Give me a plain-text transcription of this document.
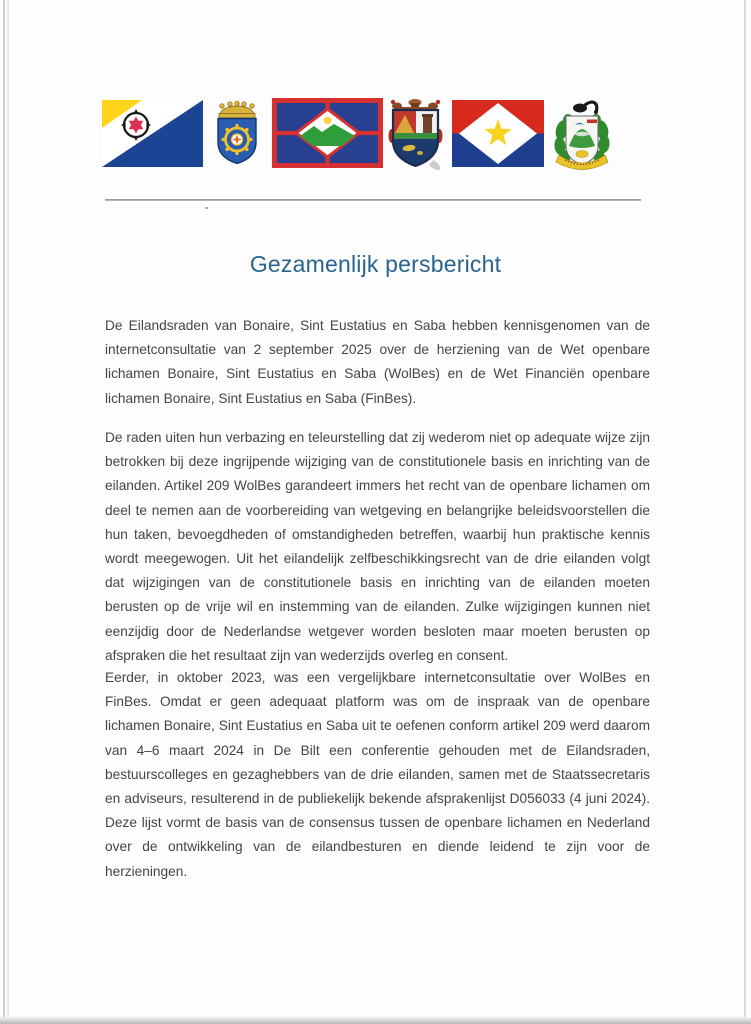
Gezamenlijk persbericht

De Eilandsraden van Bonaire, Sint Eustatius en Saba hebben kennisgenomen van de internetconsultatie van 2 september 2025 over de herziening van de Wet openbare lichamen Bonaire, Sint Eustatius en Saba (WolBes) en de Wet Financiën openbare lichamen Bonaire, Sint Eustatius en Saba (FinBes).

De raden uiten hun verbazing en teleurstelling dat zij wederom niet op adequate wijze zijn betrokken bij deze ingrijpende wijziging van de constitutionele basis en inrichting van de eilanden. Artikel 209 WolBes garandeert immers het recht van de openbare lichamen om deel te nemen aan de voorbereiding van wetgeving en belangrijke beleidsvoorstellen die hun taken, bevoegdheden of omstandigheden betreffen, waarbij hun praktische kennis wordt meegewogen. Uit het eilandelijk zelfbeschikkingsrecht van de drie eilanden volgt dat wijzigingen van de constitutionele basis en inrichting van de eilanden moeten berusten op de vrije wil en instemming van de eilanden. Zulke wijzigingen kunnen niet eenzijdig door de Nederlandse wetgever worden besloten maar moeten berusten op afspraken die het resultaat zijn van wederzijds overleg en consent.

Eerder, in oktober 2023, was een vergelijkbare internetconsultatie over WolBes en FinBes. Omdat er geen adequaat platform was om de inspraak van de openbare lichamen Bonaire, Sint Eustatius en Saba uit te oefenen conform artikel 209 werd daarom van 4–6 maart 2024 in De Bilt een conferentie gehouden met de Eilandsraden, bestuurscolleges en gezaghebbers van de drie eilanden, samen met de Staatssecretaris en adviseurs, resulterend in de publiekelijk bekende afsprakenlijst D056033 (4 juni 2024). Deze lijst vormt de basis van de consensus tussen de openbare lichamen en Nederland over de ontwikkeling van de eilandbesturen en diende leidend te zijn voor de herzieningen.
